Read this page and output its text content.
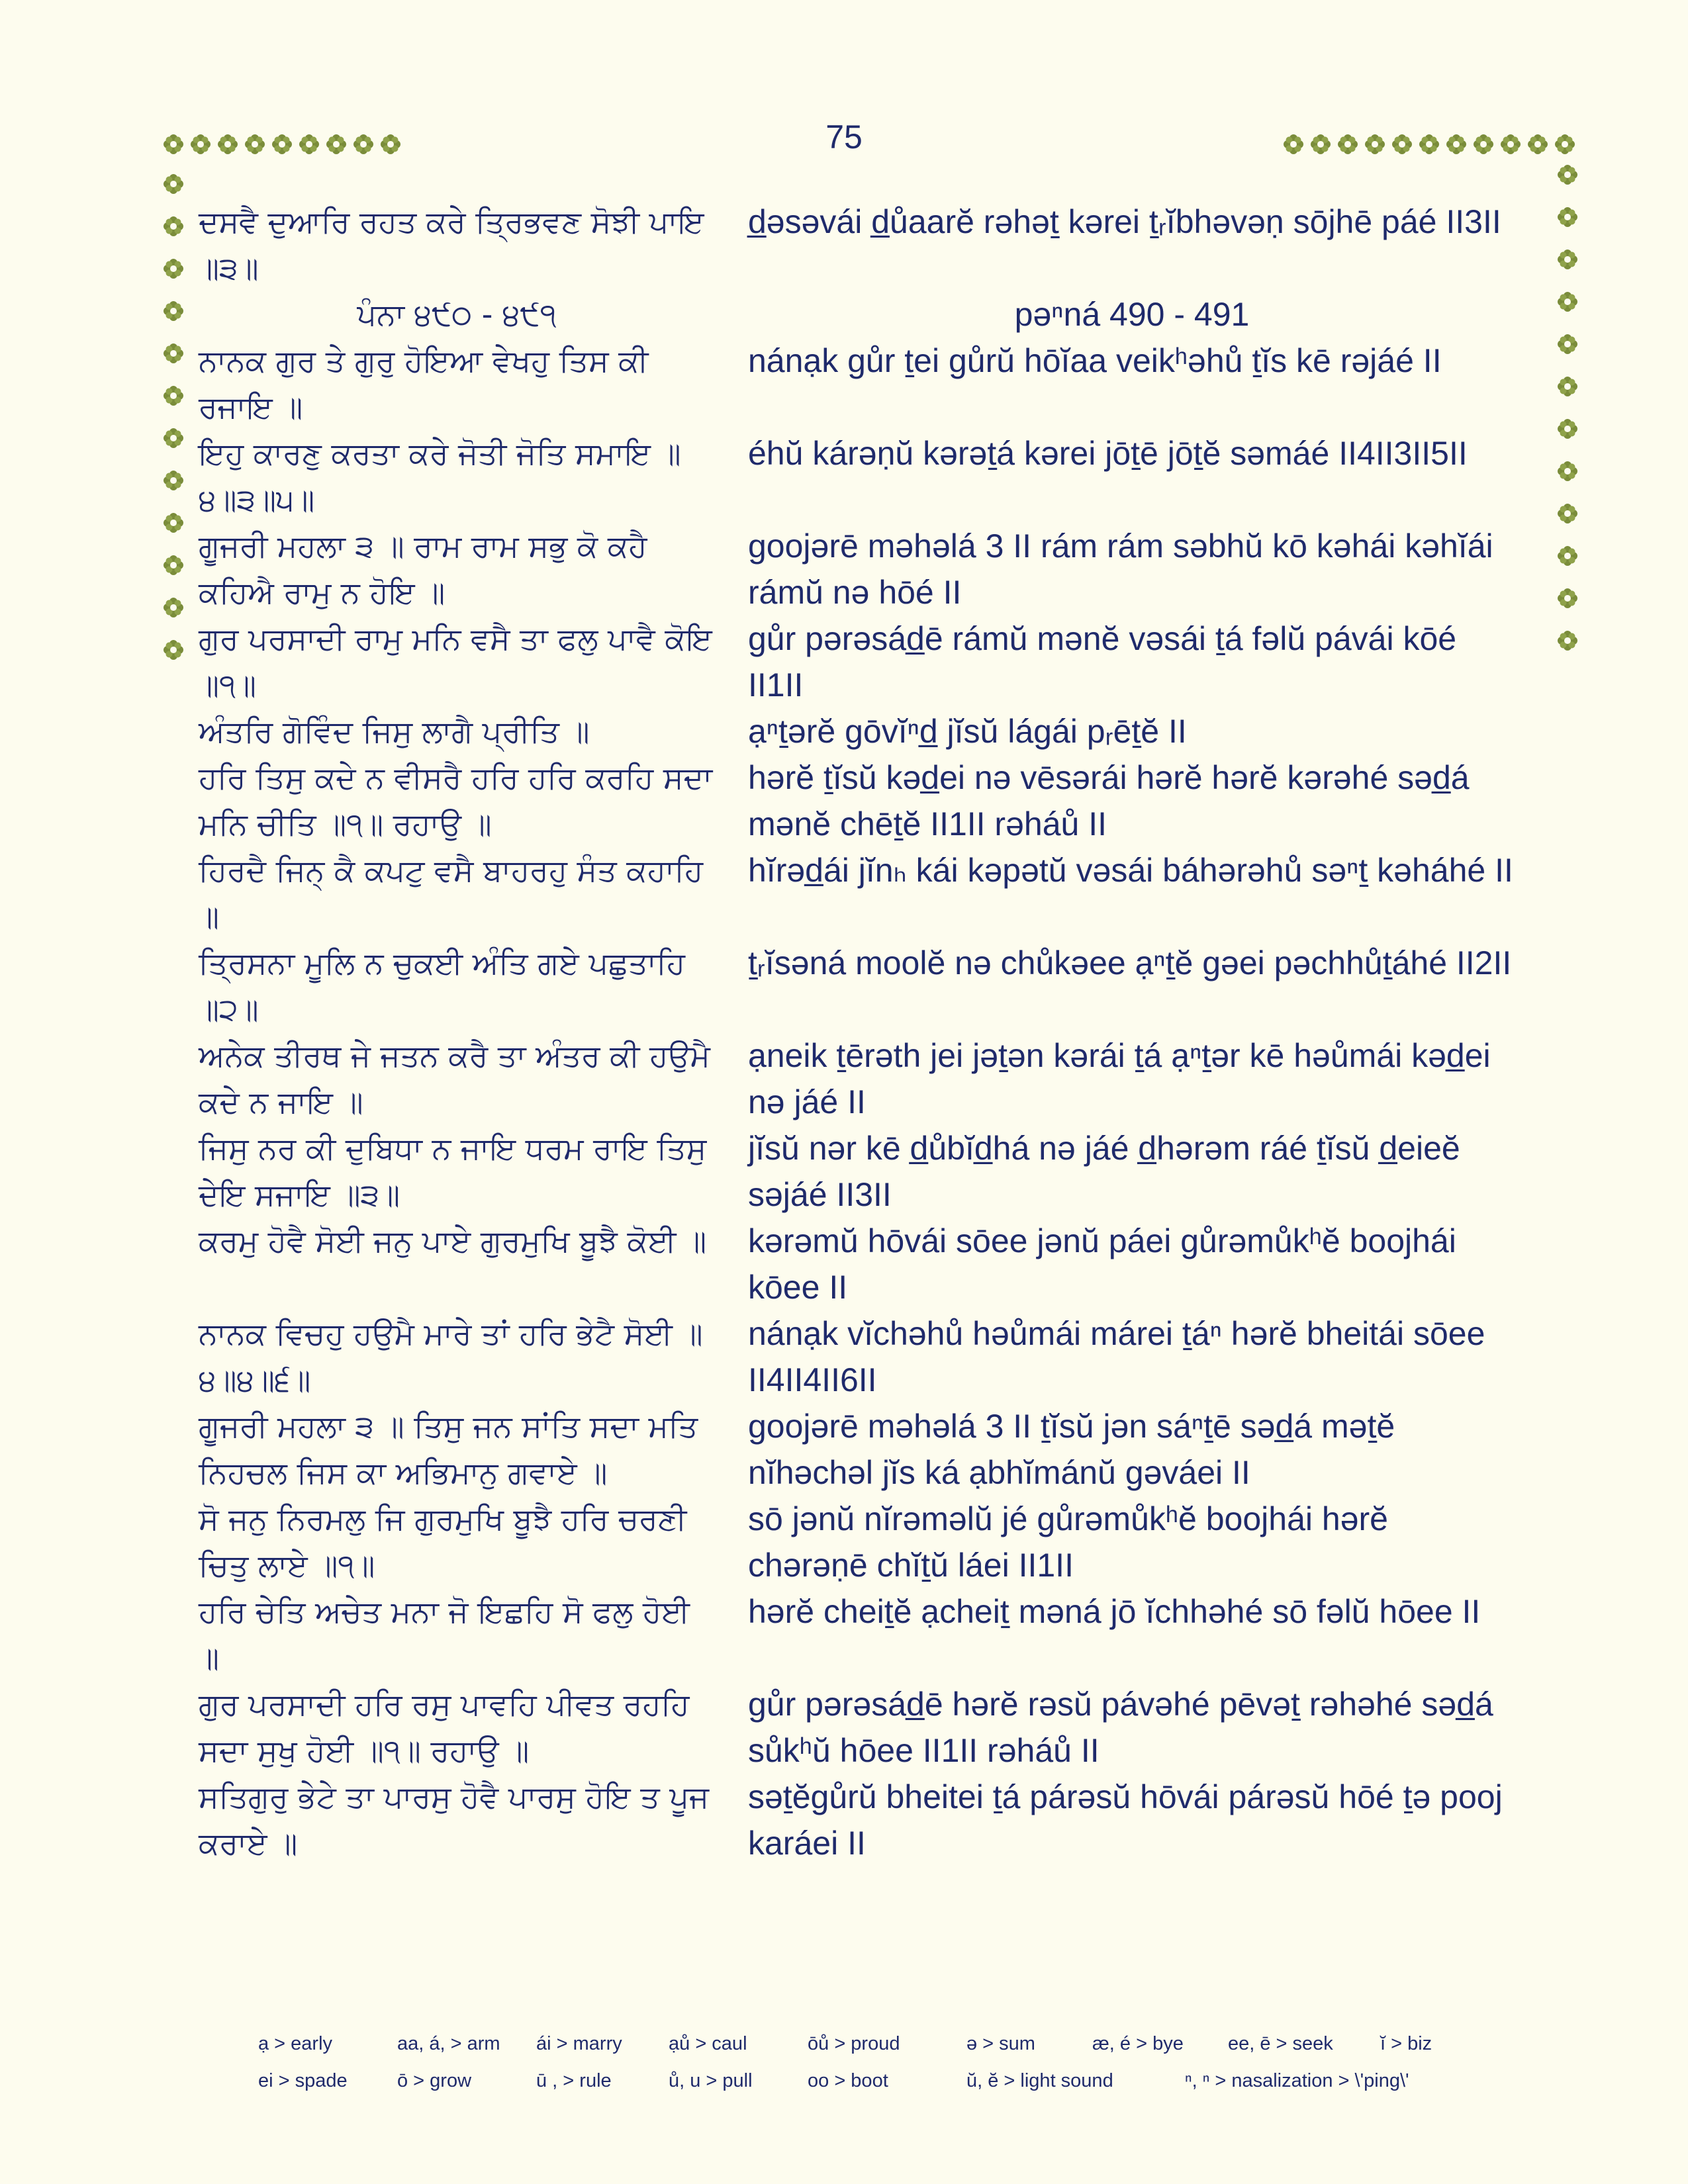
75
ਦਸਵੈ ਦੁਆਰਿ ਰਹਤ ਕਰੇ ਤ੍ਰਿਭਵਣ ਸੋਝੀ ਪਾਇ ॥੩॥
d̲əsəvái d̲ůaarĕ rəhəṯ kərei ṯᵣĭbhəvəṇ sōjhē páé II3II
ਪੰਨਾ ੪੯੦ - ੪੯੧	pəⁿná 490 - 491
ਨਾਨਕ ਗੁਰ ਤੇ ਗੁਰੁ ਹੋਇਆ ਵੇਖਹੁ ਤਿਸ ਕੀ ਰਜਾਇ ॥
nánạk gůr ṯei gůrŭ hōĭaa veikʰəhů ṯĭs kē rəjáé II
ਇਹੁ ਕਾਰਣੁ ਕਰਤਾ ਕਰੇ ਜੋਤੀ ਜੋਤਿ ਸਮਾਇ ॥੪॥੩॥੫॥
éhŭ kárəṇŭ kərəṯá kərei jōṯē jōṯĕ səmáé II4II3II5II
ਗੂਜਰੀ ਮਹਲਾ ੩ ॥ ਰਾਮ ਰਾਮ ਸਭੁ ਕੋ ਕਹੈ ਕਹਿਐ ਰਾਮੁ ਨ ਹੋਇ ॥
goojərē məhəlá 3 II rám rám səbhŭ kō kəhái kəhĭái rámŭ nə hōé II
ਗੁਰ ਪਰਸਾਦੀ ਰਾਮੁ ਮਨਿ ਵਸੈ ਤਾ ਫਲੁ ਪਾਵੈ ਕੋਇ ॥੧॥
gůr pərəsád̲ē rámŭ mənĕ vəsái ṯá fəlŭ pávái kōé II1II
ਅੰਤਰਿ ਗੋਵਿੰਦ ਜਿਸੁ ਲਾਗੈ ਪ੍ਰੀਤਿ ॥	ạⁿṯərĕ gōvĭⁿd̲ jĭsŭ lágái pᵣēṯĕ II
ਹਰਿ ਤਿਸੁ ਕਦੇ ਨ ਵੀਸਰੈ ਹਰਿ ਹਰਿ ਕਰਹਿ ਸਦਾ ਮਨਿ ਚੀਤਿ ॥੧॥ ਰਹਾਉ ॥
hərĕ ṯĭsŭ kəd̲ei nə vēsərái hərĕ hərĕ kərəhé səd̲á mənĕ chēṯĕ II1II rəháů II
ਹਿਰਦੈ ਜਿਨ੍ ਕੈ ਕਪਟੁ ਵਸੈ ਬਾਹਰਹੁ ਸੰਤ ਕਹਾਹਿ ॥
hĭrəd̲ái jĭnₕ kái kəpətŭ vəsái báhərəhů səⁿṯ kəháhé II
ਤ੍ਰਿਸਨਾ ਮੂਲਿ ਨ ਚੁਕਈ ਅੰਤਿ ਗਏ ਪਛੁਤਾਹਿ ॥੨॥
ṯᵣĭsəná moolĕ nə chůkəee ạⁿṯĕ gəei pəchhůṯáhé II2II
ਅਨੇਕ ਤੀਰਥ ਜੇ ਜਤਨ ਕਰੈ ਤਾ ਅੰਤਰ ਕੀ ਹਉਮੈ ਕਦੇ ਨ ਜਾਇ ॥
ạneik ṯērəth jei jəṯən kərái ṯá ạⁿṯər kē həůmái kəd̲ei nə jáé II
ਜਿਸੁ ਨਰ ਕੀ ਦੁਬਿਧਾ ਨ ਜਾਇ ਧਰਮ ਰਾਇ ਤਿਸੁ ਦੇਇ ਸਜਾਇ ॥੩॥
jĭsŭ nər kē d̲ůbĭd̲há nə jáé d̲hərəm ráé ṯĭsŭ d̲eieĕ səjáé II3II
ਕਰਮੁ ਹੋਵੈ ਸੋਈ ਜਨੁ ਪਾਏ ਗੁਰਮੁਖਿ ਬੂਝੈ ਕੋਈ ॥	kərəmŭ hōvái sōee jənŭ páei gůrəmůkʰĕ boojhái kōee II
ਨਾਨਕ ਵਿਚਹੁ ਹਉਮੈ ਮਾਰੇ ਤਾਂ ਹਰਿ ਭੇਟੈ ਸੋਈ ॥੪॥੪॥੬॥
nánạk vĭchəhů həůmái márei ṯáⁿ hərĕ bheitái sōee II4II4II6II
ਗੂਜਰੀ ਮਹਲਾ ੩ ॥ ਤਿਸੁ ਜਨ ਸਾਂਤਿ ਸਦਾ ਮਤਿ ਨਿਹਚਲ ਜਿਸ ਕਾ ਅਭਿਮਾਨੁ ਗਵਾਏ ॥
goojərē məhəlá 3 II ṯĭsŭ jən sáⁿṯē səd̲á məṯĕ nĭhəchəl jĭs ká ạbhĭmánŭ gəváei II
ਸੋ ਜਨੁ ਨਿਰਮਲੁ ਜਿ ਗੁਰਮੁਖਿ ਬੂਝੈ ਹਰਿ ਚਰਣੀ ਚਿਤੁ ਲਾਏ ॥੧॥
sō jənŭ nĭrəməlŭ jé gůrəmůkʰĕ boojhái hərĕ chərəṇē chĭṯŭ láei II1II
ਹਰਿ ਚੇਤਿ ਅਚੇਤ ਮਨਾ ਜੋ ਇਛਹਿ ਸੋ ਫਲੁ ਹੋਈ ॥
hərĕ cheiṯĕ ạcheiṯ məná jō ĭchhəhé sō fəlŭ hōee II
ਗੁਰ ਪਰਸਾਦੀ ਹਰਿ ਰਸੁ ਪਾਵਹਿ ਪੀਵਤ ਰਹਹਿ ਸਦਾ ਸੁਖੁ ਹੋਈ ॥੧॥ ਰਹਾਉ ॥
gůr pərəsád̲ē hərĕ rəsŭ pávəhé pēvəṯ rəhəhé səd̲á sůkʰŭ hōee II1II rəháů II
ਸਤਿਗੁਰੁ ਭੇਟੇ ਤਾ ਪਾਰਸੁ ਹੋਵੈ ਪਾਰਸੁ ਹੋਇ ਤ ਪੂਜ ਕਰਾਏ ॥
səṯĕgůrŭ bheitei ṯá párəsŭ hōvái párəsŭ hōé ṯə pooj karáei II
ạ > early	aa, á, > arm	ái > marry	ạů > caul	ōů > proud	ə > sum	æ, é > bye	ee, ē > seek	ĭ > biz
ei > spade	ō > grow	ū , > rule	ů, u > pull	oo > boot	ŭ, ĕ > light sound	ⁿ, ⁿ > nasalization > \'ping\'
